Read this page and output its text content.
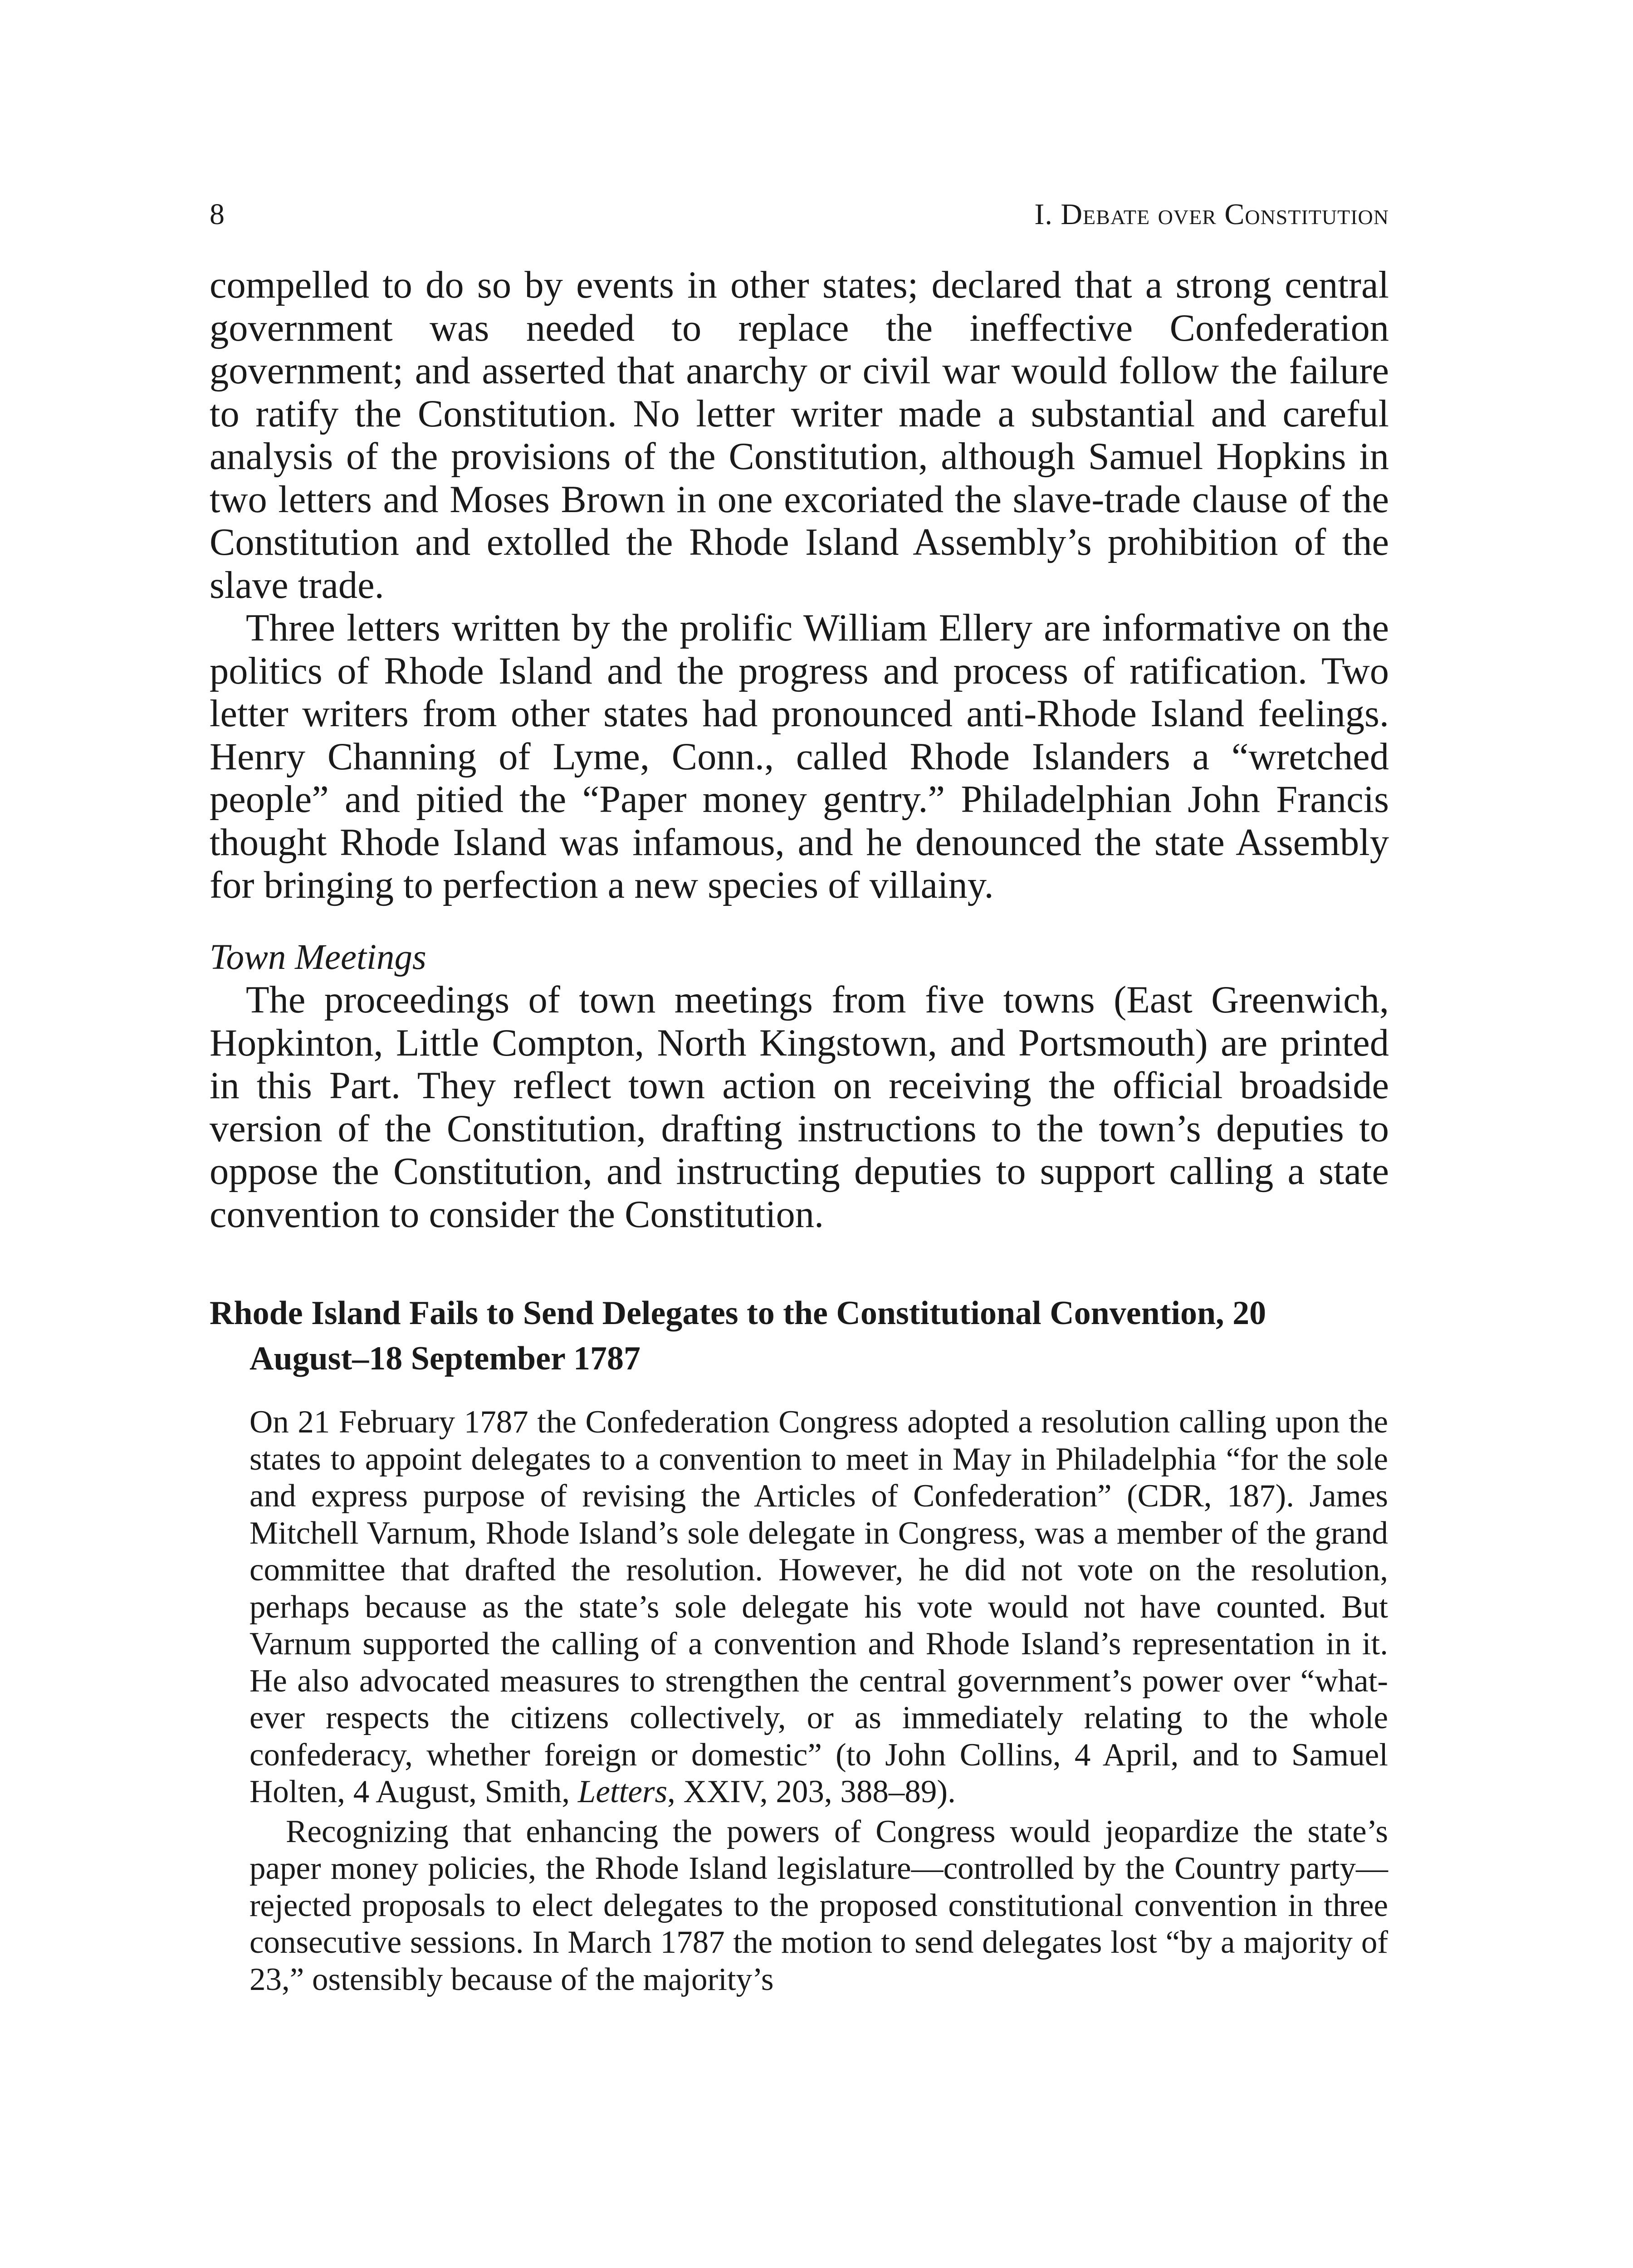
8	I. Debate over Constitution

compelled to do so by events in other states; declared that a strong central government was needed to replace the ineffective Confederation government; and asserted that anarchy or civil war would follow the failure to ratify the Constitution. No letter writer made a substantial and careful analysis of the provisions of the Constitution, although Samuel Hopkins in two letters and Moses Brown in one excoriated the slave-trade clause of the Constitution and extolled the Rhode Island Assembly’s prohibition of the slave trade.

Three letters written by the prolific William Ellery are informative on the politics of Rhode Island and the progress and process of ratification. Two letter writers from other states had pronounced anti-Rhode Island feelings. Henry Channing of Lyme, Conn., called Rhode Islanders a “wretched people” and pitied the “Paper money gentry.” Philadelphian John Francis thought Rhode Island was infamous, and he denounced the state Assembly for bringing to perfection a new species of villainy.

Town Meetings

The proceedings of town meetings from five towns (East Greenwich, Hopkinton, Little Compton, North Kingstown, and Portsmouth) are printed in this Part. They reflect town action on receiving the official broadside version of the Constitution, drafting instructions to the town’s deputies to oppose the Constitution, and instructing deputies to support calling a state convention to consider the Constitution.

Rhode Island Fails to Send Delegates to the Constitutional Convention, 20 August–18 September 1787

On 21 February 1787 the Confederation Congress adopted a resolution calling upon the states to appoint delegates to a convention to meet in May in Philadelphia “for the sole and express purpose of revising the Articles of Confederation” (CDR, 187). James Mitchell Varnum, Rhode Island’s sole delegate in Congress, was a member of the grand committee that drafted the resolution. However, he did not vote on the resolution, perhaps because as the state’s sole delegate his vote would not have counted. But Varnum supported the calling of a convention and Rhode Island’s representation in it. He also advocated measures to strengthen the central government’s power over “whatever respects the citizens collectively, or as immediately relating to the whole confederacy, whether foreign or domestic” (to John Collins, 4 April, and to Samuel Holten, 4 August, Smith, Letters, XXIV, 203, 388–89).

Recognizing that enhancing the powers of Congress would jeopardize the state’s paper money policies, the Rhode Island legislature—controlled by the Country party—rejected proposals to elect delegates to the proposed constitutional convention in three consecutive sessions. In March 1787 the motion to send delegates lost “by a majority of 23,” ostensibly because of the majority’s
